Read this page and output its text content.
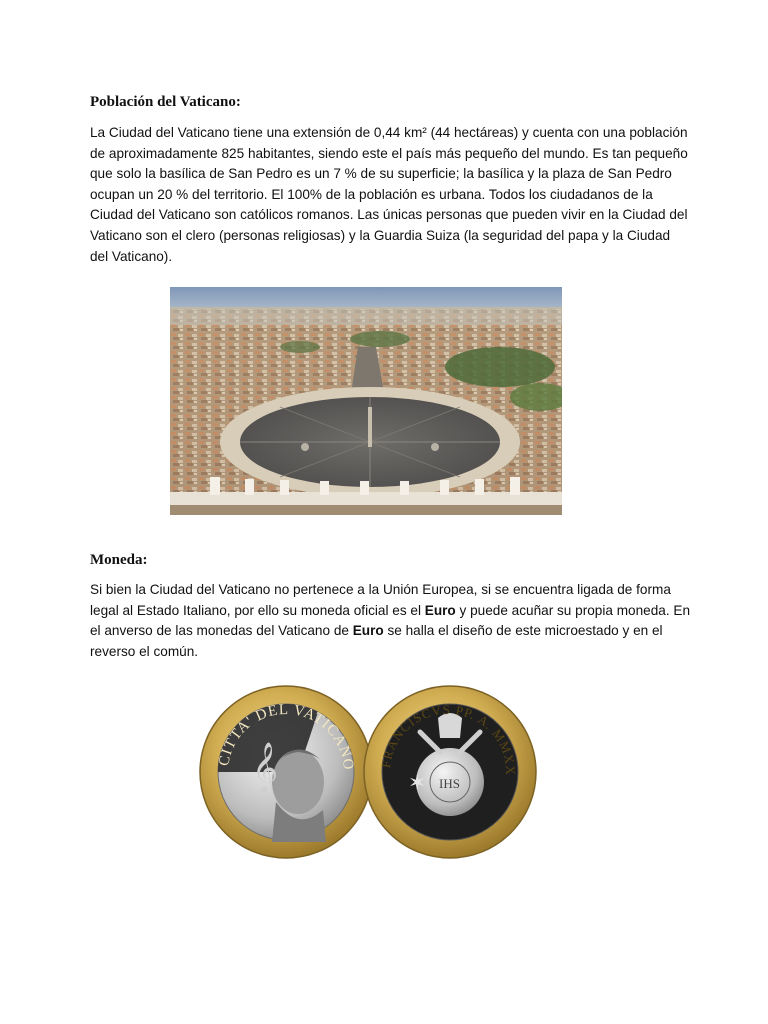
Población del Vaticano:

La Ciudad del Vaticano tiene una extensión de 0,44 km² (44 hectáreas) y cuenta con una población de aproximadamente 825 habitantes, siendo este el país más pequeño del mundo. Es tan pequeño que solo la basílica de San Pedro es un 7 % de su superficie; la basílica y la plaza de San Pedro ocupan un 20 % del territorio. El 100% de la población es urbana. Todos los ciudadanos de la Ciudad del Vaticano son católicos romanos. Las únicas personas que pueden vivir en la Ciudad del Vaticano son el clero (personas religiosas) y la Guardia Suiza (la seguridad del papa y la Ciudad del Vaticano).

Moneda:

Si bien la Ciudad del Vaticano no pertenece a la Unión Europea, si se encuentra ligada de forma legal al Estado Italiano, por ello su moneda oficial es el Euro y puede acuñar su propia moneda. En el anverso de las monedas del Vaticano de Euro se halla el diseño de este microestado y en el reverso el común.

𝄞
CITTA' DEL VATICANO
✶ IHS
FRANCISCVS PP. A. MMXX
